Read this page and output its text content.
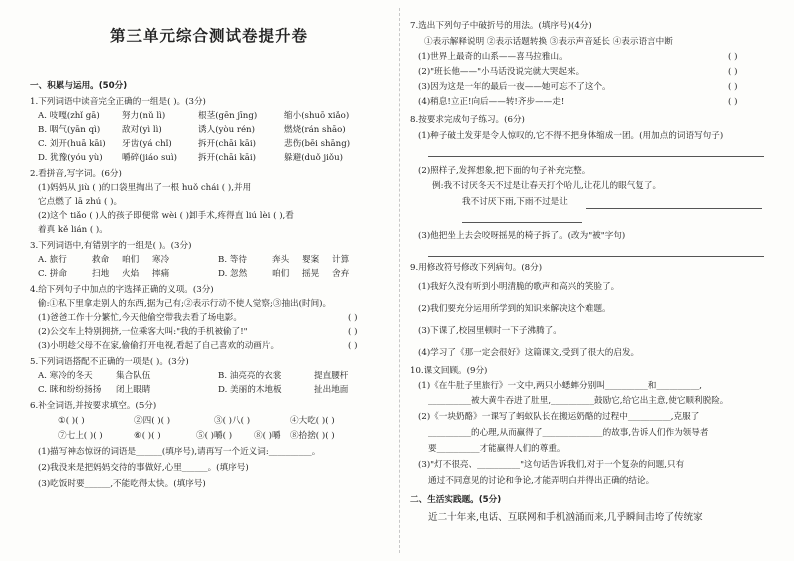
第三单元综合测试卷提升卷
一、积累与运用。(50分)
1.下列词语中读音完全正确的一组是( )。(3分)
A. 吱嘎(zhǐ gā)	努力(nǔ lì)	根茎(gēn jīng)	缩小(shuō xiǎo)
B. 咽气(yān qì)	敌对(yì lì)	诱人(yòu rén)	燃烧(rán shāo)
C. 刘开(huā kāi) 牙齿(yá chǐ)	拆开(chāi kāi)	悲伤(bēi shāng)
D. 犹豫(yóu yù) 嚼碎(jiáo suì) 拆开(chāi kāi)	躲避(duǒ jiǒu)
2.看拼音,写字词。(6分)
(1)妈妈从 jiù ( )的口袋里掏出了一根 huǒ chái ( ),并用
它点燃了 lā zhú ( )。
(2)这个 tiǎo ( )人的孩子即便常 wèi ( )卸手术,疼得直 liú lèi ( ),看
着真 kě lián ( )。
3.下列词语中,有错别字的一组是( )。(3分)
A. 旅行	救命 咱们 寒冷	B. 等待	奔头 婴案 计算
C. 拼命	扫地 火焰 摔痛	D. 忽然	咱们 摇晃 舍弃
4.给下列句子中加点的字选择正确的义项。(3分)
偷:①私下里拿走别人的东西,据为己有;②表示行动不使人觉察;③抽出(时间)。
(1)爸爸工作十分繁忙,今天他偷空带我去看了场电影。	( )
(2)公交车上特别拥挤,一位乘客大叫:"我的手机被偷了!"	( )
(3)小明趁父母不在家,偷偷打开电视,看起了自己喜欢的动画片。	( )
5.下列词语搭配不正确的一项是( )。(3分)
A. 寒冷的冬天	集合队伍	B. 油亮亮的衣裳	提直腰杆
C. 眯和纷纷扬扬 闭上眼睛	D. 美丽的木地板	扯出地面
6.补全词语,并按要求填空。(5分)
①( )( )	②四( )( )	③( )八( )	④大吃( )( )
⑦七上( )( )	⑥( )( )	⑤( )嚼( )	⑧( )嚼 ⑧拾捨( )( )
(1)描写神态惊讶的词语是______(填序号),请再写一个近义词:__________。
(2)我没来是把妈妈交待的事做好,心里______。(填序号)
(3)吃饭时要______,不能吃得太快。(填序号)
7.选出下列句子中破折号的用法。(填序号)(4分)
①表示解释说明 ②表示话题转换 ③表示声音延长 ④表示语言中断
(1)世界上最奇的山系——喜马拉雅山。	( )
(2)"班长他——"小马话没说完就大哭起来。	( )
(3)因为这是一年的最后一夜——她可忘不了这个。	( )
(4)稍息!立正!向后——转!齐步——走!	( )
8.按要求完成句子练习。(6分)
(1)种子破土发芽是令人惊叹的,它不得不把身体缩成一团。(用加点的词语写句子)
(2)照样子,发挥想象,把下面的句子补充完整。
例:我不讨厌冬天不过是让春天打个哈儿,让花儿的眼气复了。
我不讨厌下雨,下雨不过是让
(3)他把坐上去会咬呀摇晃的椅子拆了。(改为"被"字句)
9.用修改符号修改下列病句。(8分)
(1)我好久没有听到小明清脆的歌声和高兴的笑脸了。
(2)我们要充分运用所学到的知识来解决这个难题。
(3)下课了,校园里顿时一下子沸腾了。
(4)学习了《那一定会很好》这篇课文,受到了很大的启发。
10.课文回顾。(9分)
(1)《在牛肚子里旅行》一文中,两只小蟋蟀分别叫__________和__________,
__________被大黄牛吞进了肚里,__________鼓励它,给它出主意,使它顺利脱险。
(2)《一块奶酪》一课写了蚂蚁队长在搬运奶酪的过程中__________,克服了
__________的心理,从而赢得了______________的故事,告诉人们作为领导者
要__________才能赢得人们的尊重。
(3)"灯不很亮、__________"这句话告诉我们,对于一个复杂的问题,只有
通过不同意见的讨论和争论,才能弄明白并得出正确的结论。
二、生活实践题。(5分)
近二十年来,电话、互联网和手机汹涌而来,几乎瞬间击垮了传统家
